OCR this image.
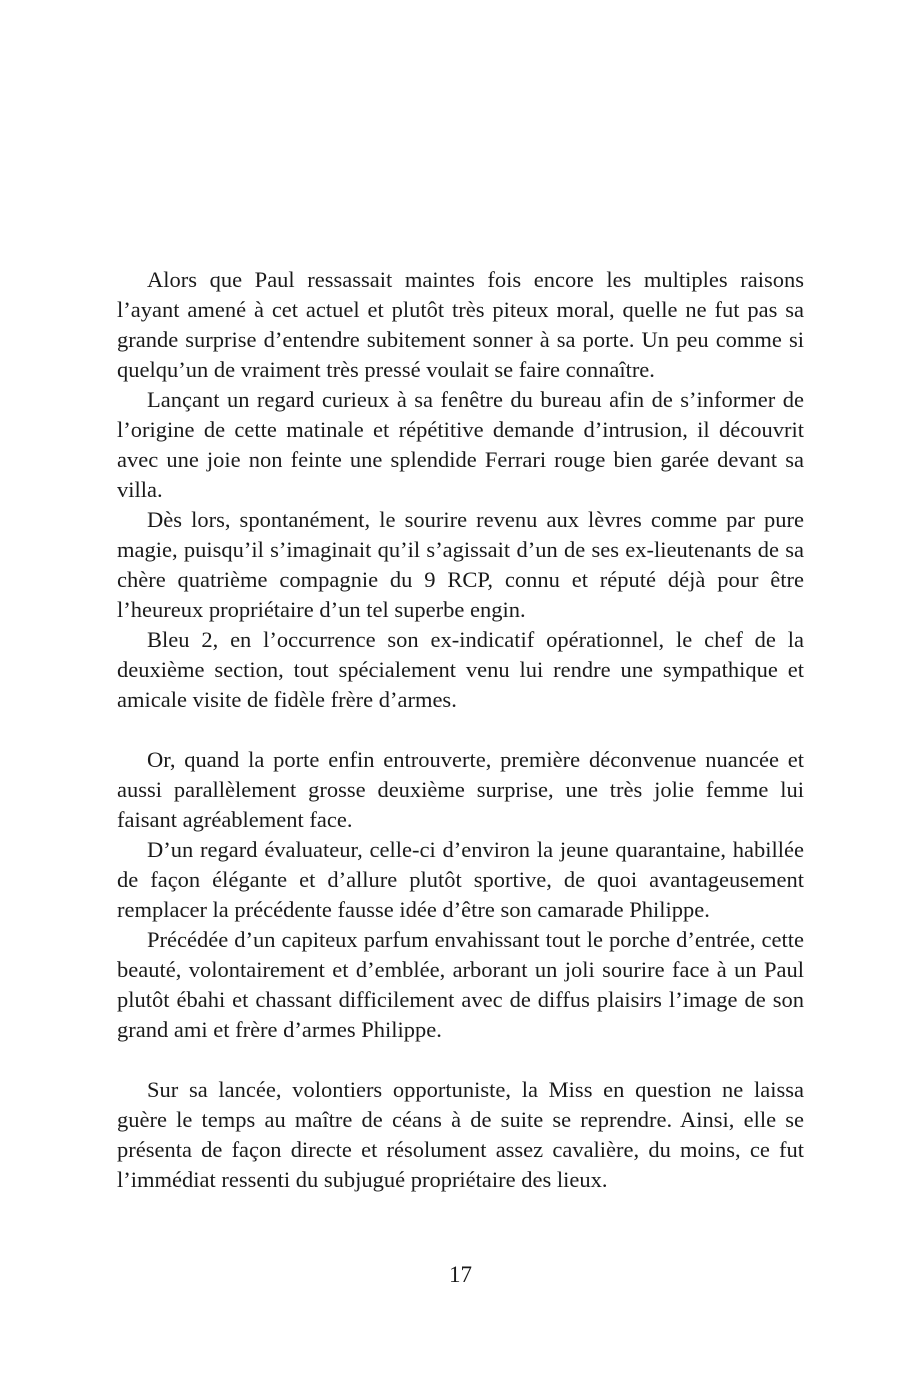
Alors que Paul ressassait maintes fois encore les multiples raisons l’ayant amené à cet actuel et plutôt très piteux moral, quelle ne fut pas sa grande surprise d’entendre subitement sonner à sa porte. Un peu comme si quelqu’un de vraiment très pressé voulait se faire connaître.

Lançant un regard curieux à sa fenêtre du bureau afin de s’informer de l’origine de cette matinale et répétitive demande d’intrusion, il découvrit avec une joie non feinte une splendide Ferrari rouge bien garée devant sa villa.

Dès lors, spontanément, le sourire revenu aux lèvres comme par pure magie, puisqu’il s’imaginait qu’il s’agissait d’un de ses ex-lieutenants de sa chère quatrième compagnie du 9 RCP, connu et réputé déjà pour être l’heureux propriétaire d’un tel superbe engin.

Bleu 2, en l’occurrence son ex-indicatif opérationnel, le chef de la deuxième section, tout spécialement venu lui rendre une sympathique et amicale visite de fidèle frère d’armes.

Or, quand la porte enfin entrouverte, première déconvenue nuancée et aussi parallèlement grosse deuxième surprise, une très jolie femme lui faisant agréablement face.

D’un regard évaluateur, celle-ci d’environ la jeune quarantaine, habillée de façon élégante et d’allure plutôt sportive, de quoi avantageusement remplacer la précédente fausse idée d’être son camarade Philippe.

Précédée d’un capiteux parfum envahissant tout le porche d’entrée, cette beauté, volontairement et d’emblée, arborant un joli sourire face à un Paul plutôt ébahi et chassant difficilement avec de diffus plaisirs l’image de son grand ami et frère d’armes Philippe.

Sur sa lancée, volontiers opportuniste, la Miss en question ne laissa guère le temps au maître de céans à de suite se reprendre. Ainsi, elle se présenta de façon directe et résolument assez cavalière, du moins, ce fut l’immédiat ressenti du subjugué propriétaire des lieux.

17
